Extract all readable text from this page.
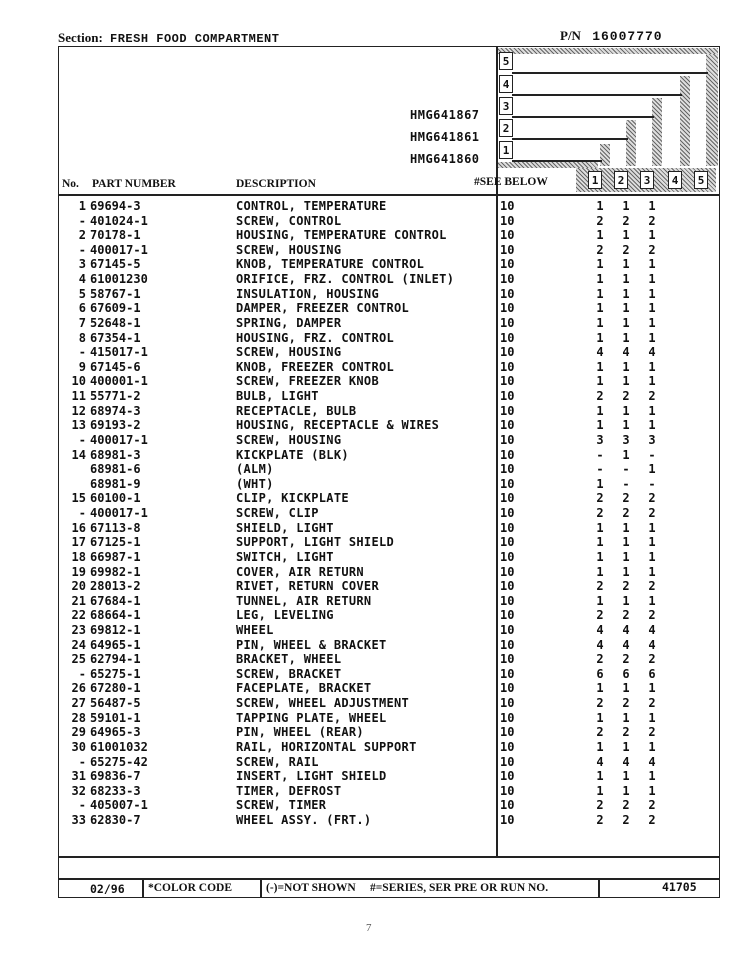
Section: FRESH FOOD COMPARTMENT	P/N 16007770
5
4
3
2
1
1	2	3	4	5
HMG641867
HMG641861
HMG641860
No. PART NUMBER	DESCRIPTION	#SEE BELOW
1 69694-3	CONTROL, TEMPERATURE	10	1	1	1
- 401024-1	SCREW, CONTROL	10	2	2	2
2 70178-1	HOUSING, TEMPERATURE CONTROL	10	1	1	1
- 400017-1	SCREW, HOUSING	10	2	2	2
3 67145-5	KNOB, TEMPERATURE CONTROL	10	1	1	1
4 61001230	ORIFICE, FRZ. CONTROL (INLET)	10	1	1	1
5 58767-1	INSULATION, HOUSING	10	1	1	1
6 67609-1	DAMPER, FREEZER CONTROL	10	1	1	1
7 52648-1	SPRING, DAMPER	10	1	1	1
8 67354-1	HOUSING, FRZ. CONTROL	10	1	1	1
- 415017-1	SCREW, HOUSING	10	4	4	4
9 67145-6	KNOB, FREEZER CONTROL	10	1	1	1
10 400001-1	SCREW, FREEZER KNOB	10	1	1	1
11 55771-2	BULB, LIGHT	10	2	2	2
12 68974-3	RECEPTACLE, BULB	10	1	1	1
13 69193-2	HOUSING, RECEPTACLE & WIRES	10	1	1	1
- 400017-1	SCREW, HOUSING	10	3	3	3
14 68981-3	KICKPLATE (BLK)	10	-	1	-
68981-6	(ALM)	10	-	-	1
68981-9	(WHT)	10	1	-	-
15 60100-1	CLIP, KICKPLATE	10	2	2	2
- 400017-1	SCREW, CLIP	10	2	2	2
16 67113-8	SHIELD, LIGHT	10	1	1	1
17 67125-1	SUPPORT, LIGHT SHIELD	10	1	1	1
18 66987-1	SWITCH, LIGHT	10	1	1	1
19 69982-1	COVER, AIR RETURN	10	1	1	1
20 28013-2	RIVET, RETURN COVER	10	2	2	2
21 67684-1	TUNNEL, AIR RETURN	10	1	1	1
22 68664-1	LEG, LEVELING	10	2	2	2
23 69812-1	WHEEL	10	4	4	4
24 64965-1	PIN, WHEEL & BRACKET	10	4	4	4
25 62794-1	BRACKET, WHEEL	10	2	2	2
- 65275-1	SCREW, BRACKET	10	6	6	6
26 67280-1	FACEPLATE, BRACKET	10	1	1	1
27 56487-5	SCREW, WHEEL ADJUSTMENT	10	2	2	2
28 59101-1	TAPPING PLATE, WHEEL	10	1	1	1
29 64965-3	PIN, WHEEL (REAR)	10	2	2	2
30 61001032	RAIL, HORIZONTAL SUPPORT	10	1	1	1
- 65275-42	SCREW, RAIL	10	4	4	4
31 69836-7	INSERT, LIGHT SHIELD	10	1	1	1
32 68233-3	TIMER, DEFROST	10	1	1	1
- 405007-1	SCREW, TIMER	10	2	2	2
33 62830-7	WHEEL ASSY. (FRT.)	10	2	2	2
02/96 *COLOR CODE	(-)=NOT SHOWN #=SERIES, SER PRE OR RUN NO.	41705
7
